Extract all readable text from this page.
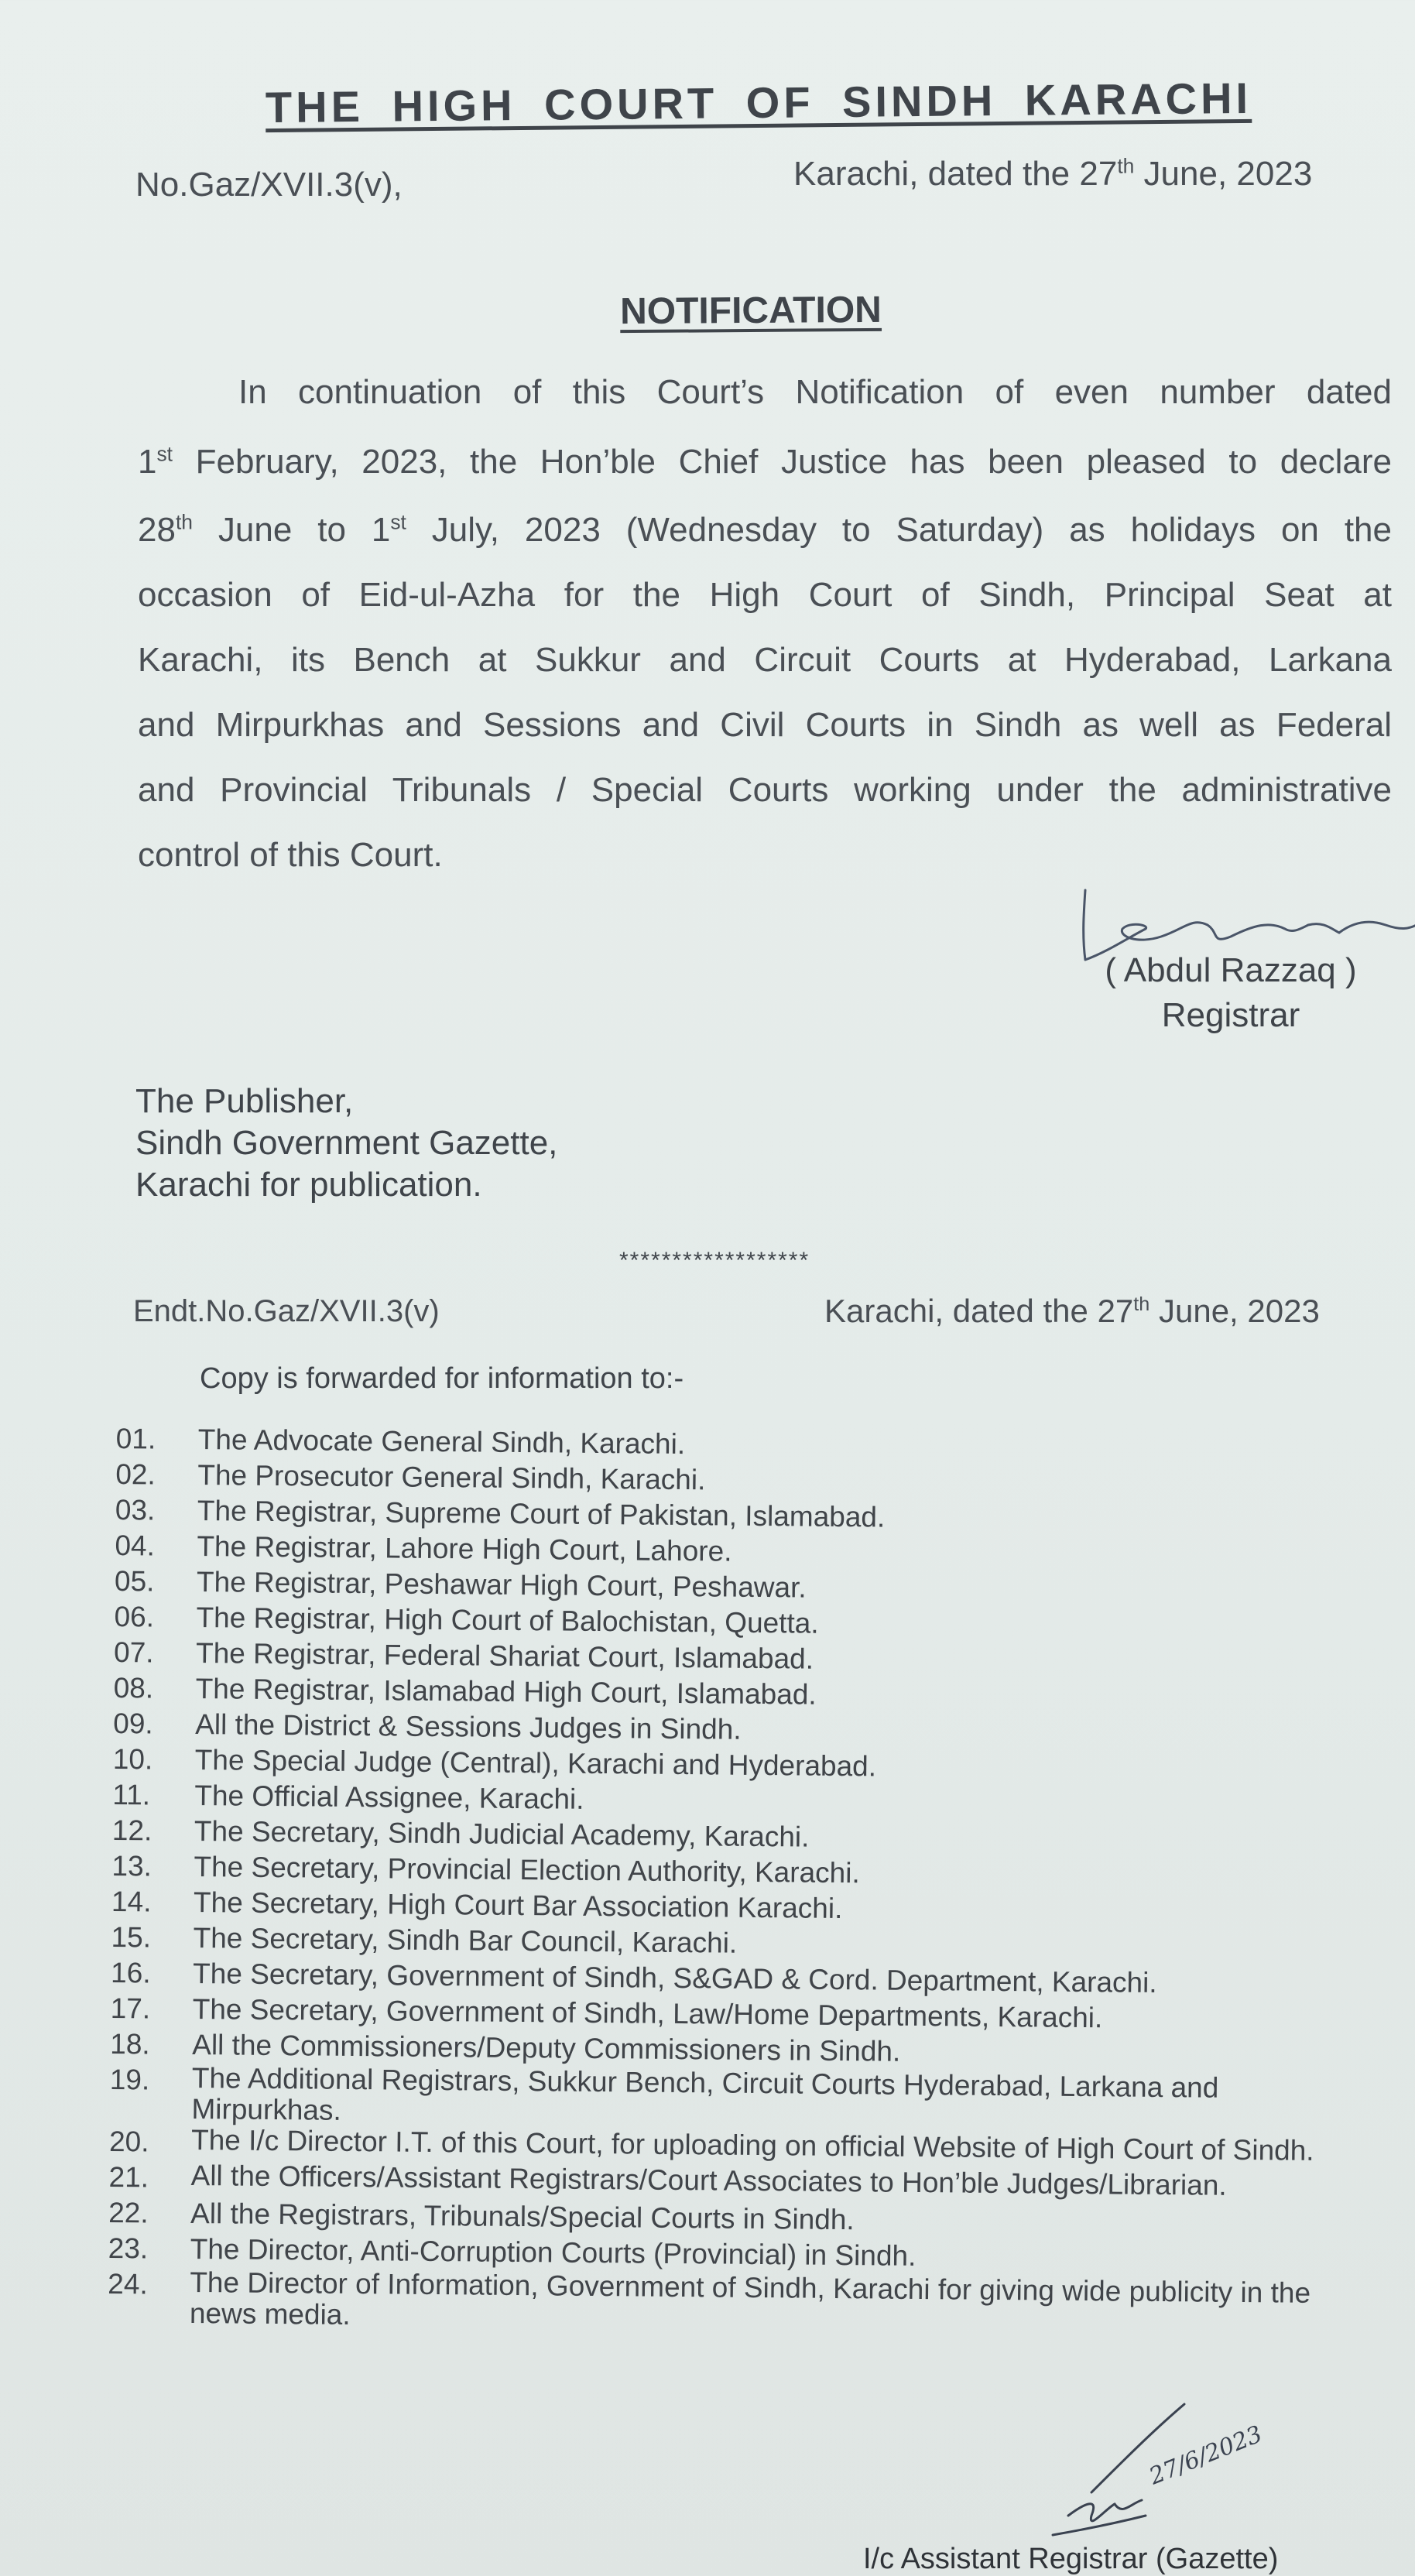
THE HIGH COURT OF SINDH KARACHI
No.Gaz/XVII.3(v),	Karachi, dated the 27th June, 2023
NOTIFICATION
In continuation of this Court’s Notification of even number dated
1st February, 2023, the Hon’ble Chief Justice has been pleased to declare
28th June to 1st July, 2023 (Wednesday to Saturday) as holidays on the
occasion of Eid-ul-Azha for the High Court of Sindh, Principal Seat at
Karachi, its Bench at Sukkur and Circuit Courts at Hyderabad, Larkana
and Mirpurkhas and Sessions and Civil Courts in Sindh as well as Federal
and Provincial Tribunals / Special Courts working under the administrative
control of this Court.
( Abdul Razzaq )
Registrar
The Publisher,
Sindh Government Gazette,
Karachi for publication.
******************
Endt.No.Gaz/XVII.3(v)	Karachi, dated the 27th June, 2023
Copy is forwarded for information to:-
01.	The Advocate General Sindh, Karachi.
02.	The Prosecutor General Sindh, Karachi.
03.	The Registrar, Supreme Court of Pakistan, Islamabad.
04.	The Registrar, Lahore High Court, Lahore.
05.	The Registrar, Peshawar High Court, Peshawar.
06.	The Registrar, High Court of Balochistan, Quetta.
07.	The Registrar, Federal Shariat Court, Islamabad.
08.	The Registrar, Islamabad High Court, Islamabad.
09.	All the District & Sessions Judges in Sindh.
10.	The Special Judge (Central), Karachi and Hyderabad.
11.	The Official Assignee, Karachi.
12.	The Secretary, Sindh Judicial Academy, Karachi.
13.	The Secretary, Provincial Election Authority, Karachi.
14.	The Secretary, High Court Bar Association Karachi.
15.	The Secretary, Sindh Bar Council, Karachi.
16.	The Secretary, Government of Sindh, S&GAD & Cord. Department, Karachi.
17.	The Secretary, Government of Sindh, Law/Home Departments, Karachi.
18.	All the Commissioners/Deputy Commissioners in Sindh.
19.	The Additional Registrars, Sukkur Bench, Circuit Courts Hyderabad, Larkana and Mirpurkhas.
20.	The I/c Director I.T. of this Court, for uploading on official Website of High Court of Sindh.
21.	All the Officers/Assistant Registrars/Court Associates to Hon’ble Judges/Librarian.
22.	All the Registrars, Tribunals/Special Courts in Sindh.
23.	The Director, Anti-Corruption Courts (Provincial) in Sindh.
24.	The Director of Information, Government of Sindh, Karachi for giving wide publicity in the news media.
27/6/2023
I/c Assistant Registrar (Gazette)
